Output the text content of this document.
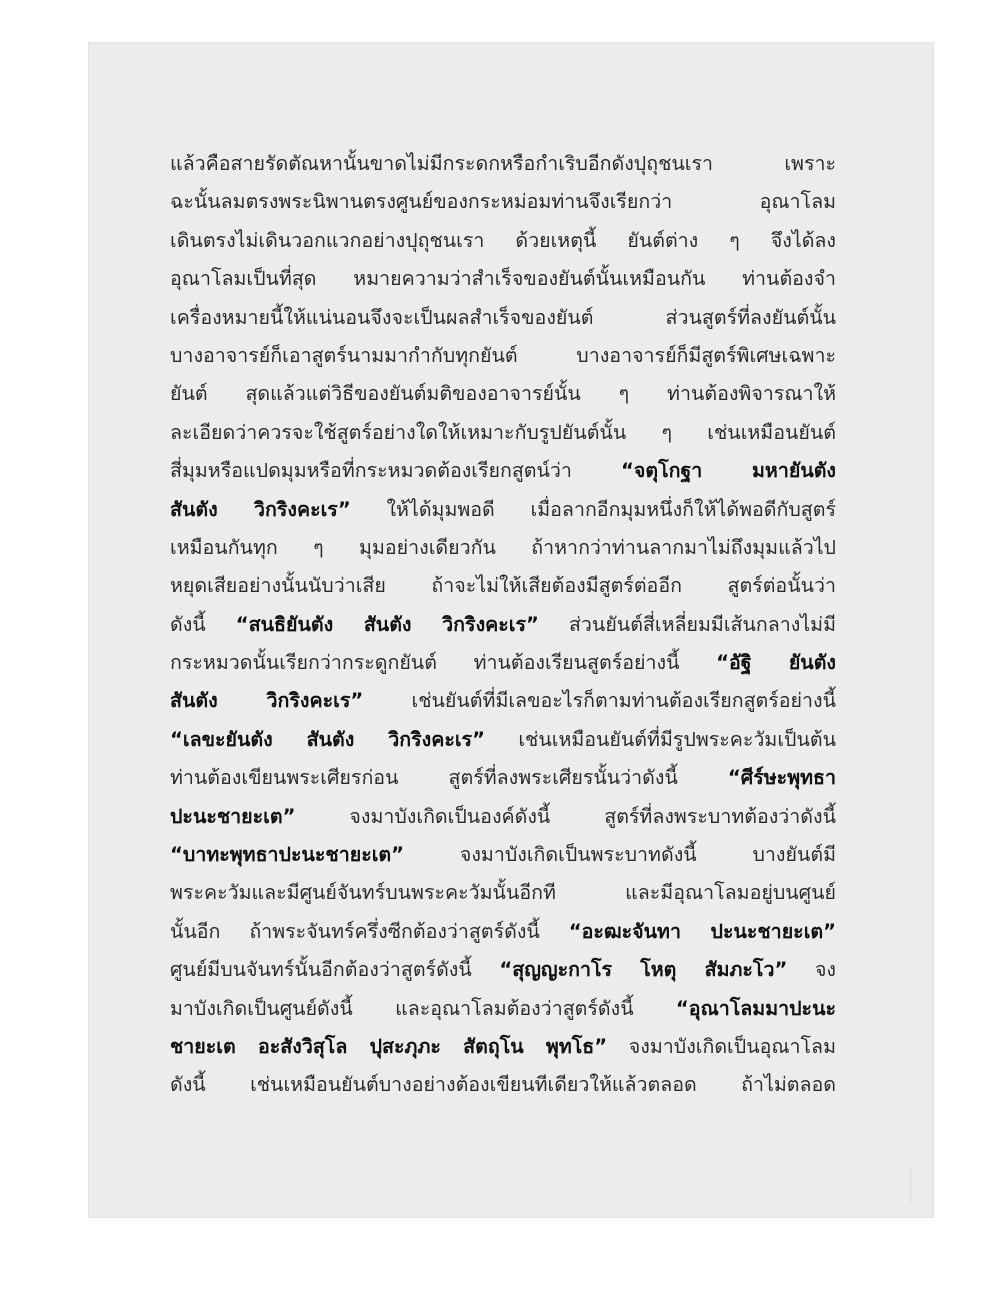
แล้วคือสายรัดตัณหานั้นขาดไม่มีกระดกหรือกำเริบอีกดังปุถุชนเรา เพราะ
ฉะนั้นลมตรงพระนิพานตรงศูนย์ของกระหม่อมท่านจึงเรียกว่า อุณาโลม
เดินตรงไม่เดินวอกแวกอย่างปุถุชนเรา ด้วยเหตุนี้ ยันต์ต่าง ๆ จึงได้ลง
อุณาโลมเป็นที่สุด หมายความว่าสำเร็จของยันต์นั้นเหมือนกัน ท่านต้องจำ
เครื่องหมายนี้ให้แน่นอนจึงจะเป็นผลสำเร็จของยันต์ ส่วนสูตร์ที่ลงยันต์นั้น
บางอาจารย์ก็เอาสูตร์นามมากำกับทุกยันต์ บางอาจารย์ก็มีสูตร์พิเศษเฉพาะ
ยันต์ สุดแล้วแต่วิธีของยันต์มติของอาจารย์นั้น ๆ ท่านต้องพิจารณาให้
ละเอียดว่าควรจะใช้สูตร์อย่างใดให้เหมาะกับรูปยันต์นั้น ๆ เช่นเหมือนยันต์
สี่มุมหรือแปดมุมหรือที่กระหมวดต้องเรียกสูตน์ว่า “จตุโกฐา มหายันตัง
สันตัง วิกริงคะเร” ให้ได้มุมพอดี เมื่อลากอีกมุมหนึ่งก็ให้ได้พอดีกับสูตร์
เหมือนกันทุก ๆ มุมอย่างเดียวกัน ถ้าหากว่าท่านลากมาไม่ถึงมุมแล้วไป
หยุดเสียอย่างนั้นนับว่าเสีย ถ้าจะไม่ให้เสียต้องมีสูตร์ต่ออีก สูตร์ต่อนั้นว่า
ดังนี้ “สนธิยันตัง สันตัง วิกริงคะเร” ส่วนยันต์สี่เหลี่ยมมีเส้นกลางไม่มี
กระหมวดนั้นเรียกว่ากระดูกยันต์ ท่านต้องเรียนสูตร์อย่างนี้ “อัฐิ ยันตัง
สันตัง วิกริงคะเร” เช่นยันต์ที่มีเลขอะไรก็ตามท่านต้องเรียกสูตร์อย่างนี้
“เลขะยันตัง สันตัง วิกริงคะเร” เช่นเหมือนยันต์ที่มีรูปพระคะวัมเป็นต้น
ท่านต้องเขียนพระเศียรก่อน สูตร์ที่ลงพระเศียรนั้นว่าดังนี้ “ศีร์ษะพุทธา
ปะนะชายะเต” จงมาบังเกิดเป็นองค์ดังนี้ สูตร์ที่ลงพระบาทต้องว่าดังนี้
“บาทะพุทธาปะนะชายะเต” จงมาบังเกิดเป็นพระบาทดังนี้ บางยันต์มี
พระคะวัมและมีศูนย์จันทร์บนพระคะวัมนั้นอีกที และมีอุณาโลมอยู่บนศูนย์
นั้นอีก ถ้าพระจันทร์ครึ่งซีกต้องว่าสูตร์ดังนี้ “อะฒะจันทา ปะนะชายะเต”
ศูนย์มีบนจันทร์นั้นอีกต้องว่าสูตร์ดังนี้ “สุญญะกาโร โหตุ สัมภะโว” จง
มาบังเกิดเป็นศูนย์ดังนี้ และอุณาโลมต้องว่าสูตร์ดังนี้ “อุณาโลมมาปะนะ
ชายะเต อะสังวิสุโล ปุสะภุภะ สัตถุโน พุทโธ” จงมาบังเกิดเป็นอุณาโลม
ดังนี้ เช่นเหมือนยันต์บางอย่างต้องเขียนทีเดียวให้แล้วตลอด ถ้าไม่ตลอด
